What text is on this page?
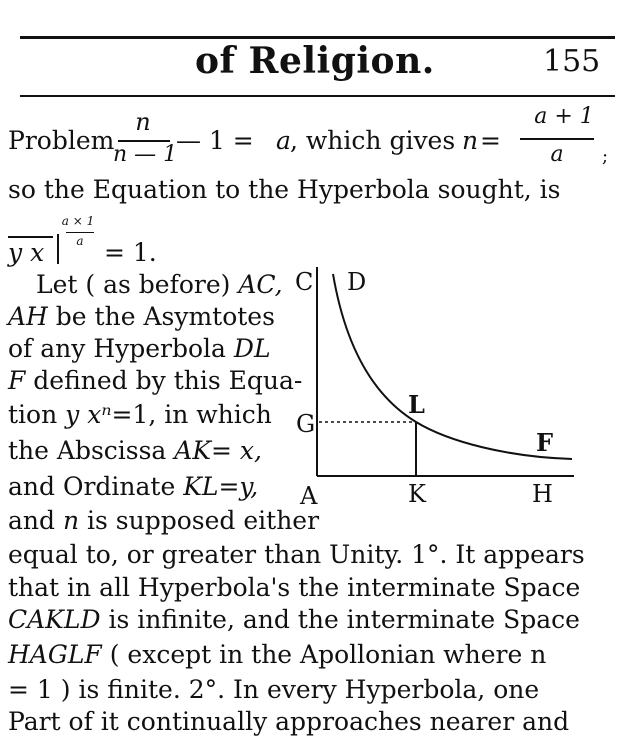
of Religion.	155
Problem
n
n — 1
— 1 = a , which gives n =
a + 1
a	;
so the Equation to the Hyperbola sought, is
y x
a × 1
a = 1.
Let ( as before) AC,
AH be the Asymtotes
of any Hyperbola DL
F defined by this Equa-
tion y xⁿ=1, in which
the Abscissa AK= x,
and Ordinate KL=y,
and n is supposed either
C D
G
L
F
A	K	H
equal to, or greater than Unity. 1°. It appears
that in all Hyperbola's the interminate Space
CAKLD is infinite, and the interminate Space
HAGLF ( except in the Apollonian where n
= 1 ) is finite. 2°. In every Hyperbola, one
Part of it continually approaches nearer and
